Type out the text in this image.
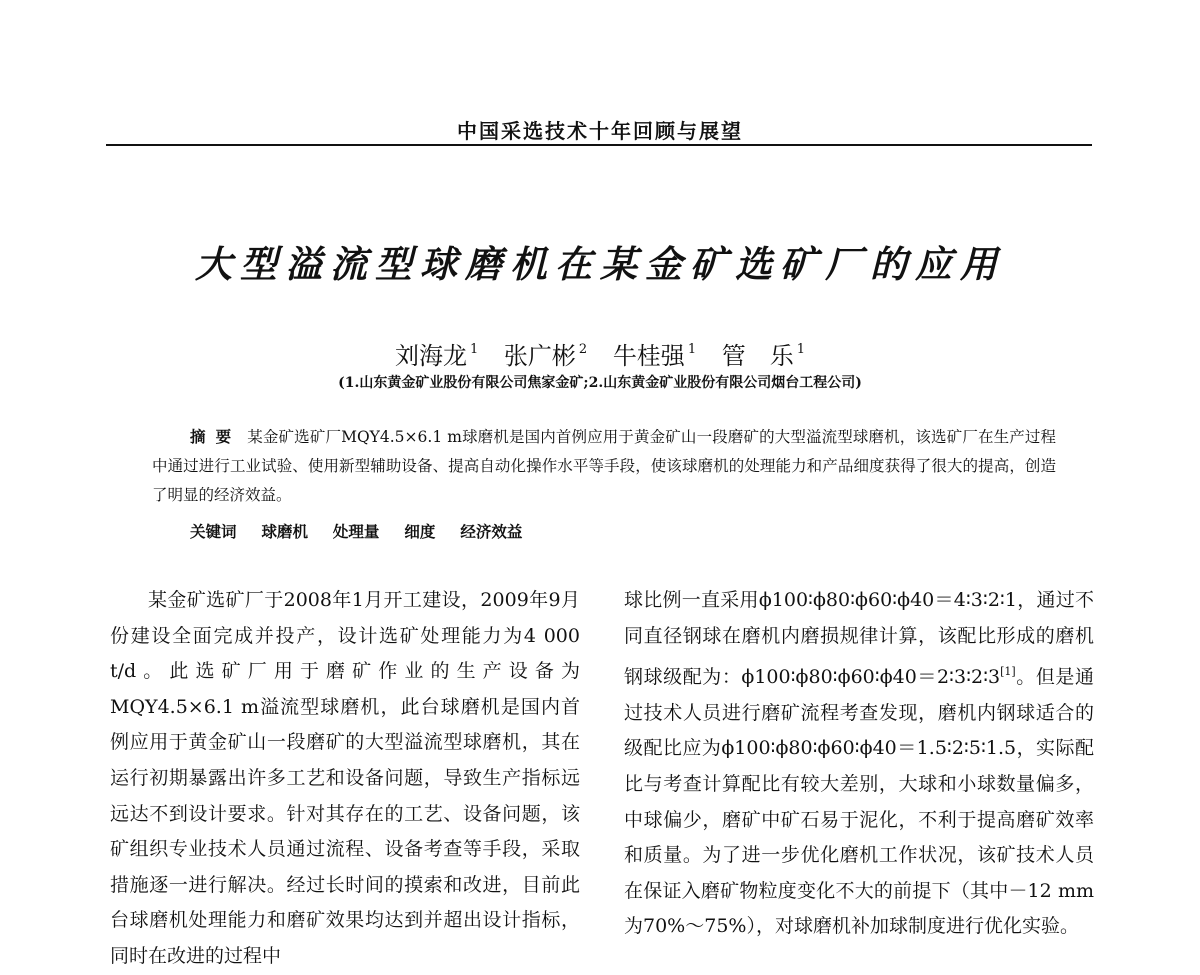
中国采选技术十年回顾与展望
大型溢流型球磨机在某金矿选矿厂的应用
刘海龙 $^1$ 张广彬 $^2$ 牛桂强 $^1$ 管　乐 $^1$
(1.山东黄金矿业股份有限公司焦家金矿;2.山东黄金矿业股份有限公司烟台工程公司)
摘要 某金矿选矿厂MQY4.5×6.1 m球磨机是国内首例应用于黄金矿山一段磨矿的大型溢流型球磨机，该选矿厂在生产过程中通过进行工业试验、使用新型辅助设备、提高自动化操作水平等手段，使该球磨机的处理能力和产品细度获得了很大的提高，创造了明显的经济效益。
关键词 球磨机 处理量 细度 经济效益

某金矿选矿厂于2008年1月开工建设，2009年9月份建设全面完成并投产，设计选矿处理能力为4 000 t/d。此选矿厂用于磨矿作业的生产设备为MQY4.5×6.1 m溢流型球磨机，此台球磨机是国内首例应用于黄金矿山一段磨矿的大型溢流型球磨机，其在运行初期暴露出许多工艺和设备问题，导致生产指标远远达不到设计要求。针对其存在的工艺、设备问题，该矿组织专业技术人员通过流程、设备考查等手段，采取措施逐一进行解决。经过长时间的摸索和改进，目前此台球磨机处理能力和磨矿效果均达到并超出设计指标，同时在改进的过程中

球比例一直采用ϕ100∶ϕ80∶ϕ60∶ϕ40＝4∶3∶2∶1，通过不同直径钢球在磨机内磨损规律计算，该配比形成的磨机钢球级配为：ϕ100∶ϕ80∶ϕ60∶ϕ40＝2∶3∶2∶3[1]。但是通过技术人员进行磨矿流程考查发现，磨机内钢球适合的级配比应为ϕ100∶ϕ80∶ϕ60∶ϕ40＝1.5∶2∶5∶1.5，实际配比与考查计算配比有较大差别，大球和小球数量偏多，中球偏少，磨矿中矿石易于泥化，不利于提高磨矿效率和质量。为了进一步优化磨机工作状况，该矿技术人员在保证入磨矿物粒度变化不大的前提下（其中－12 mm为70%～75%），对球磨机补加球制度进行优化实验。
